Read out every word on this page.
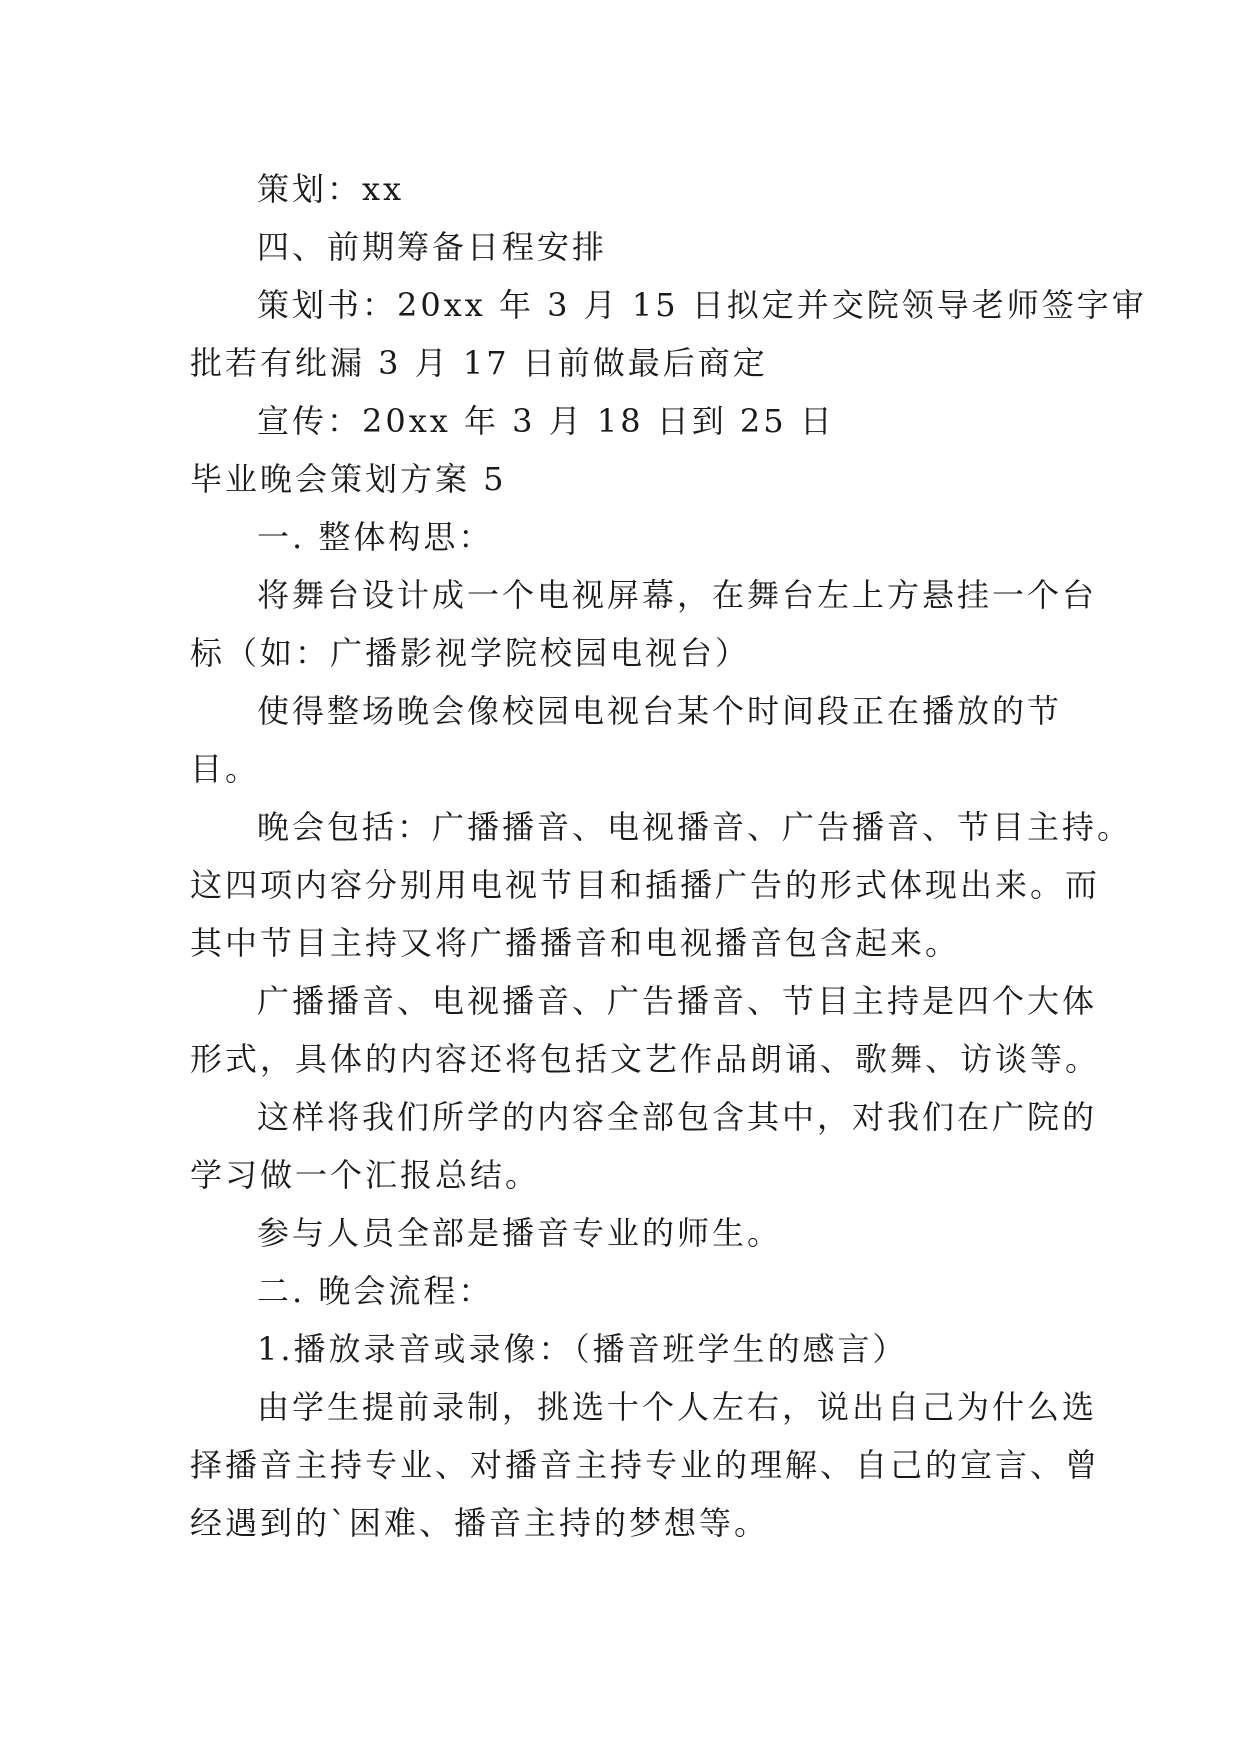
策划：xx
四、前期筹备日程安排
策划书：20xx 年 3 月 15 日拟定并交院领导老师签字审
批若有纰漏 3 月 17 日前做最后商定
宣传：20xx 年 3 月 18 日到 25 日
毕业晚会策划方案 5
一. 整体构思：
将舞台设计成一个电视屏幕，在舞台左上方悬挂一个台
标（如：广播影视学院校园电视台）
使得整场晚会像校园电视台某个时间段正在播放的节
目。
晚会包括：广播播音、电视播音、广告播音、节目主持。
这四项内容分别用电视节目和插播广告的形式体现出来。而
其中节目主持又将广播播音和电视播音包含起来。
广播播音、电视播音、广告播音、节目主持是四个大体
形式，具体的内容还将包括文艺作品朗诵、歌舞、访谈等。
这样将我们所学的内容全部包含其中，对我们在广院的
学习做一个汇报总结。
参与人员全部是播音专业的师生。
二. 晚会流程：
1.播放录音或录像：（播音班学生的感言）
由学生提前录制，挑选十个人左右，说出自己为什么选
择播音主持专业、对播音主持专业的理解、自己的宣言、曾
经遇到的`困难、播音主持的梦想等。
